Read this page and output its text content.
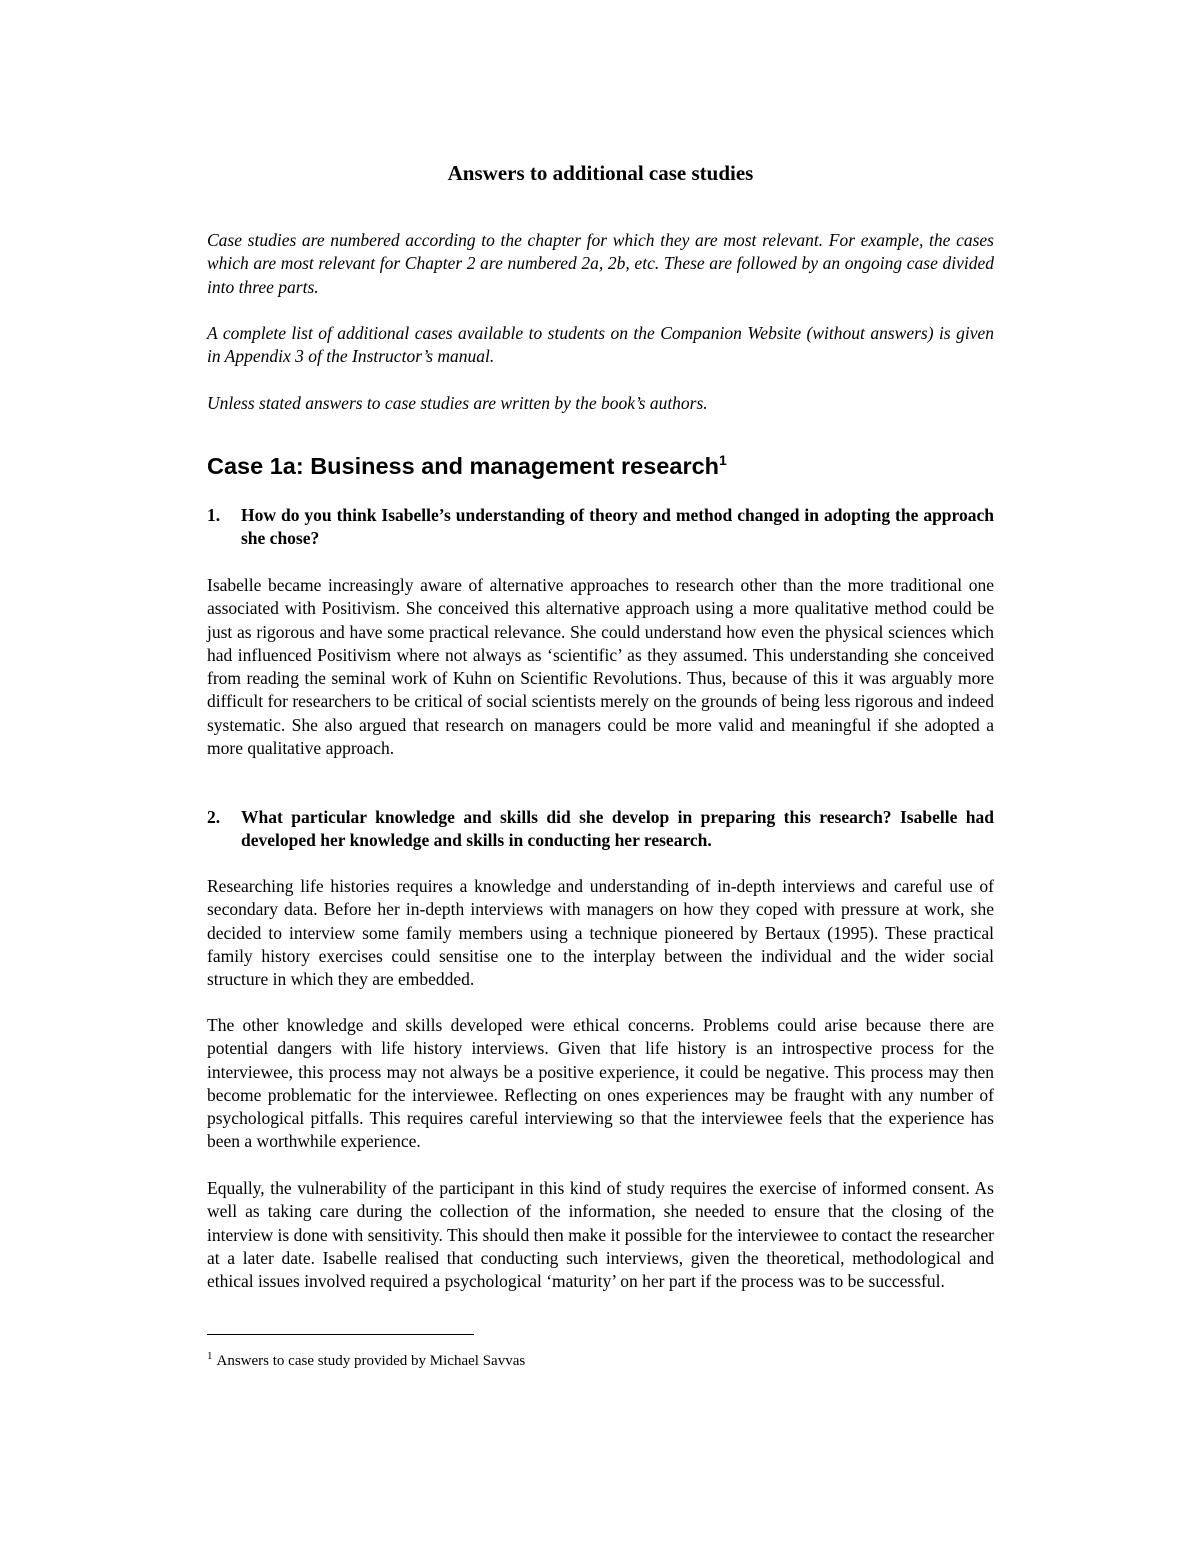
Answers to additional case studies

Case studies are numbered according to the chapter for which they are most relevant. For example, the cases which are most relevant for Chapter 2 are numbered 2a, 2b, etc. These are followed by an ongoing case divided into three parts.

A complete list of additional cases available to students on the Companion Website (without answers) is given in Appendix 3 of the Instructor’s manual.

Unless stated answers to case studies are written by the book’s authors.

Case 1a: Business and management research$^1$
1.	How do you think Isabelle’s understanding of theory and method changed in adopting the approach she chose?

Isabelle became increasingly aware of alternative approaches to research other than the more traditional one associated with Positivism. She conceived this alternative approach using a more qualitative method could be just as rigorous and have some practical relevance. She could understand how even the physical sciences which had influenced Positivism where not always as ‘scientific’ as they assumed. This understanding she conceived from reading the seminal work of Kuhn on Scientific Revolutions. Thus, because of this it was arguably more difficult for researchers to be critical of social scientists merely on the grounds of being less rigorous and indeed systematic. She also argued that research on managers could be more valid and meaningful if she adopted a more qualitative approach.

2.	What particular knowledge and skills did she develop in preparing this research? Isabelle had developed her knowledge and skills in conducting her research.

Researching life histories requires a knowledge and understanding of in-depth interviews and careful use of secondary data. Before her in-depth interviews with managers on how they coped with pressure at work, she decided to interview some family members using a technique pioneered by Bertaux (1995). These practical family history exercises could sensitise one to the interplay between the individual and the wider social structure in which they are embedded.

The other knowledge and skills developed were ethical concerns. Problems could arise because there are potential dangers with life history interviews. Given that life history is an introspective process for the interviewee, this process may not always be a positive experience, it could be negative. This process may then become problematic for the interviewee. Reflecting on ones experiences may be fraught with any number of psychological pitfalls. This requires careful interviewing so that the interviewee feels that the experience has been a worthwhile experience.

Equally, the vulnerability of the participant in this kind of study requires the exercise of informed consent. As well as taking care during the collection of the information, she needed to ensure that the closing of the interview is done with sensitivity. This should then make it possible for the interviewee to contact the researcher at a later date. Isabelle realised that conducting such interviews, given the theoretical, methodological and ethical issues involved required a psychological ‘maturity’ on her part if the process was to be successful.

$^1$ Answers to case study provided by Michael Savvas
